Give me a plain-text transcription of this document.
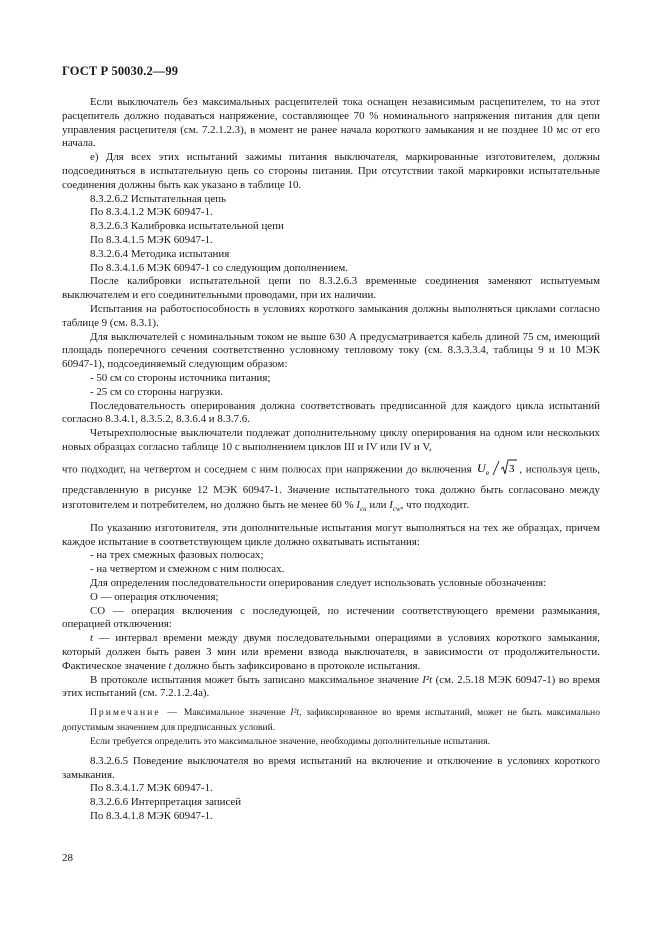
ГОСТ Р 50030.2—99

Если выключатель без максимальных расцепителей тока оснащен независимым расцепителем, то на этот расцепитель должно подаваться напряжение, составляющее 70 % номинального напряжения питания для цепи управления расцепителя (см. 7.2.1.2.3), в момент не ранее начала короткого замыкания и не позднее 10 мс от его начала.

е) Для всех этих испытаний зажимы питания выключателя, маркированные изготовителем, должны подсоединяться в испытательную цепь со стороны питания. При отсутствии такой маркировки испытательные соединения должны быть как указано в таблице 10.

8.3.2.6.2 Испытательная цепь

По 8.3.4.1.2 МЭК 60947-1.

8.3.2.6.3 Калибровка испытательной цепи

По 8.3.4.1.5 МЭК 60947-1.

8.3.2.6.4 Методика испытания

По 8.3.4.1.6 МЭК 60947-1 со следующим дополнением.

После калибровки испытательной цепи по 8.3.2.6.3 временные соединения заменяют испытуемым выключателем и его соединительными проводами, при их наличии.

Испытания на работоспособность в условиях короткого замыкания должны выполняться циклами согласно таблице 9 (см. 8.3.1).

Для выключателей с номинальным током не выше 630 А предусматривается кабель длиной 75 см, имеющий площадь поперечного сечения соответственно условному тепловому току (см. 8.3.3.3.4, таблицы 9 и 10 МЭК 60947-1), подсоединяемый следующим образом:

- 50 см со стороны источника питания;

- 25 см со стороны нагрузки.

Последовательность оперирования должна соответствовать предписанной для каждого цикла испытаний согласно 8.3.4.1, 8.3.5.2, 8.3.6.4 и 8.3.7.6.

Четырехполюсные выключатели подлежат дополнительному циклу оперирования на одном или нескольких новых образцах согласно таблице 10 с выполнением циклов III и IV или IV и V,

что подходит, на четвертом и соседнем с ним полюсах при напряжении до включения U e 3 , используя цепь, представленную в рисунке 12 МЭК 60947-1. Значение испытательного тока должно быть согласовано между изготовителем и потребителем, но должно быть не менее 60 % $I_{cu}$ или $I_{cw}$, что подходит.

По указанию изготовителя, эти дополнительные испытания могут выполняться на тех же образцах, причем каждое испытание в соответствующем цикле должно охватывать испытания:

- на трех смежных фазовых полюсах;

- на четвертом и смежном с ним полюсах.

Для определения последовательности оперирования следует использовать условные обозначения:

О — операция отключения;

СО — операция включения с последующей, по истечении соответствующего времени размыкания, операцией отключения:

t — интервал времени между двумя последовательными операциями в условиях короткого замыкания, который должен быть равен 3 мин или времени взвода выключателя, в зависимости от продолжительности. Фактическое значение t должно быть зафиксировано в протоколе испытания.

В протоколе испытания может быть записано максимальное значение I²t (см. 2.5.18 МЭК 60947-1) во время этих испытаний (см. 7.2.1.2.4а).

Примечание — Максимальное значение I²t, зафиксированное во время испытаний, может не быть максимально допустимым значением для предписанных условий.

Если требуется определить это максимальное значение, необходимы дополнительные испытания.

8.3.2.6.5 Поведение выключателя во время испытаний на включение и отключение в условиях короткого замыкания.

По 8.3.4.1.7 МЭК 60947-1.

8.3.2.6.6 Интерпретация записей

По 8.3.4.1.8 МЭК 60947-1.

28
